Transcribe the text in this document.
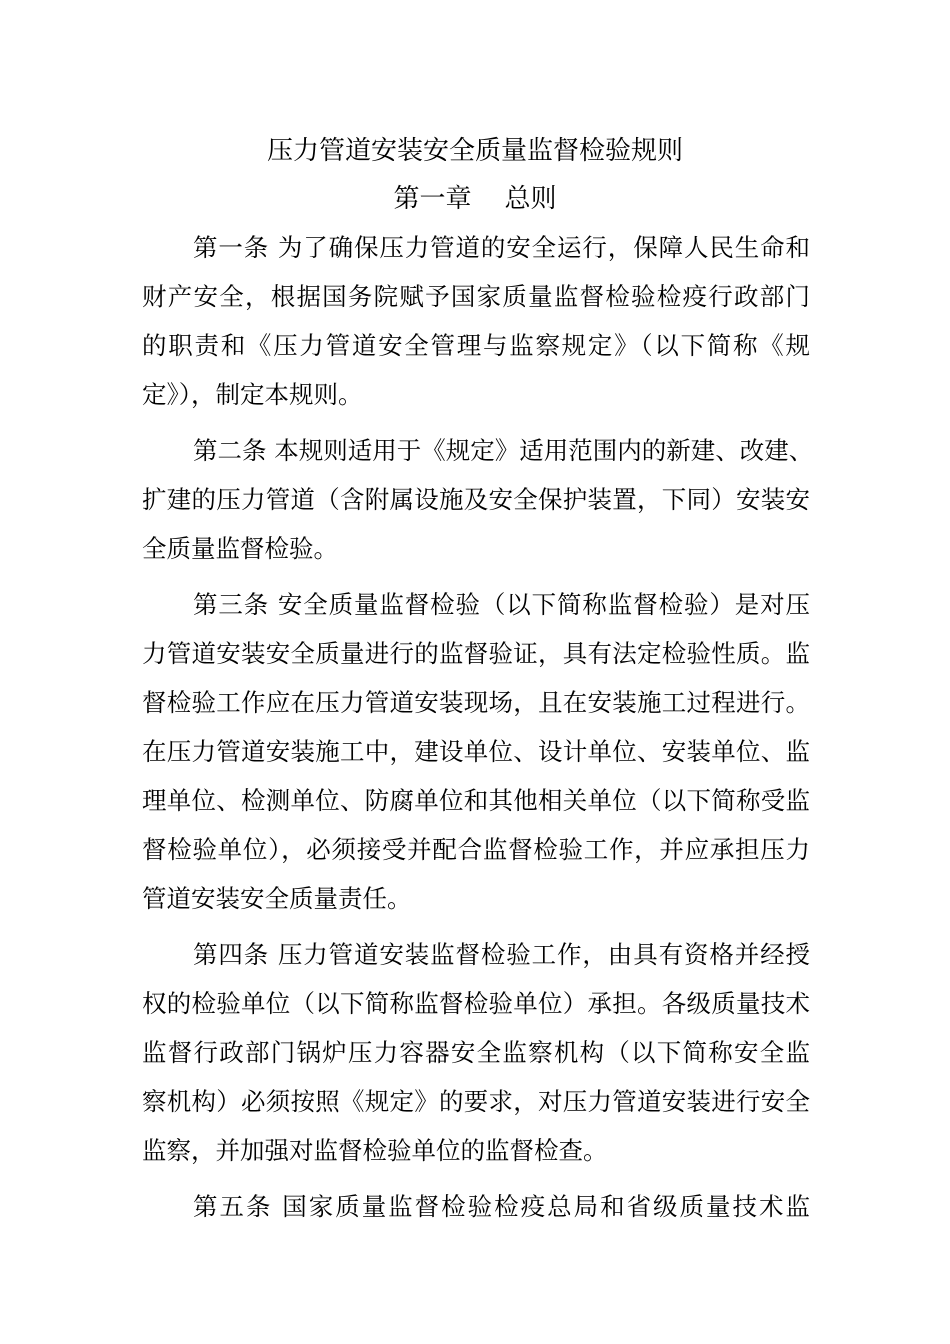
压力管道安装安全质量监督检验规则
第一章    总则
第一条 为了确保压力管道的安全运行，保障人民生命和
财产安全，根据国务院赋予国家质量监督检验检疫行政部门
的职责和《压力管道安全管理与监察规定》（以下简称《规
定》），制定本规则。
第二条 本规则适用于《规定》适用范围内的新建、改建、
扩建的压力管道（含附属设施及安全保护装置，下同）安装安
全质量监督检验。
第三条 安全质量监督检验（以下简称监督检验）是对压
力管道安装安全质量进行的监督验证，具有法定检验性质。监
督检验工作应在压力管道安装现场，且在安装施工过程进行。
在压力管道安装施工中，建设单位、设计单位、安装单位、监
理单位、检测单位、防腐单位和其他相关单位（以下简称受监
督检验单位），必须接受并配合监督检验工作，并应承担压力
管道安装安全质量责任。
第四条 压力管道安装监督检验工作，由具有资格并经授
权的检验单位（以下简称监督检验单位）承担。各级质量技术
监督行政部门锅炉压力容器安全监察机构（以下简称安全监
察机构）必须按照《规定》的要求，对压力管道安装进行安全
监察，并加强对监督检验单位的监督检查。
第五条 国家质量监督检验检疫总局和省级质量技术监
